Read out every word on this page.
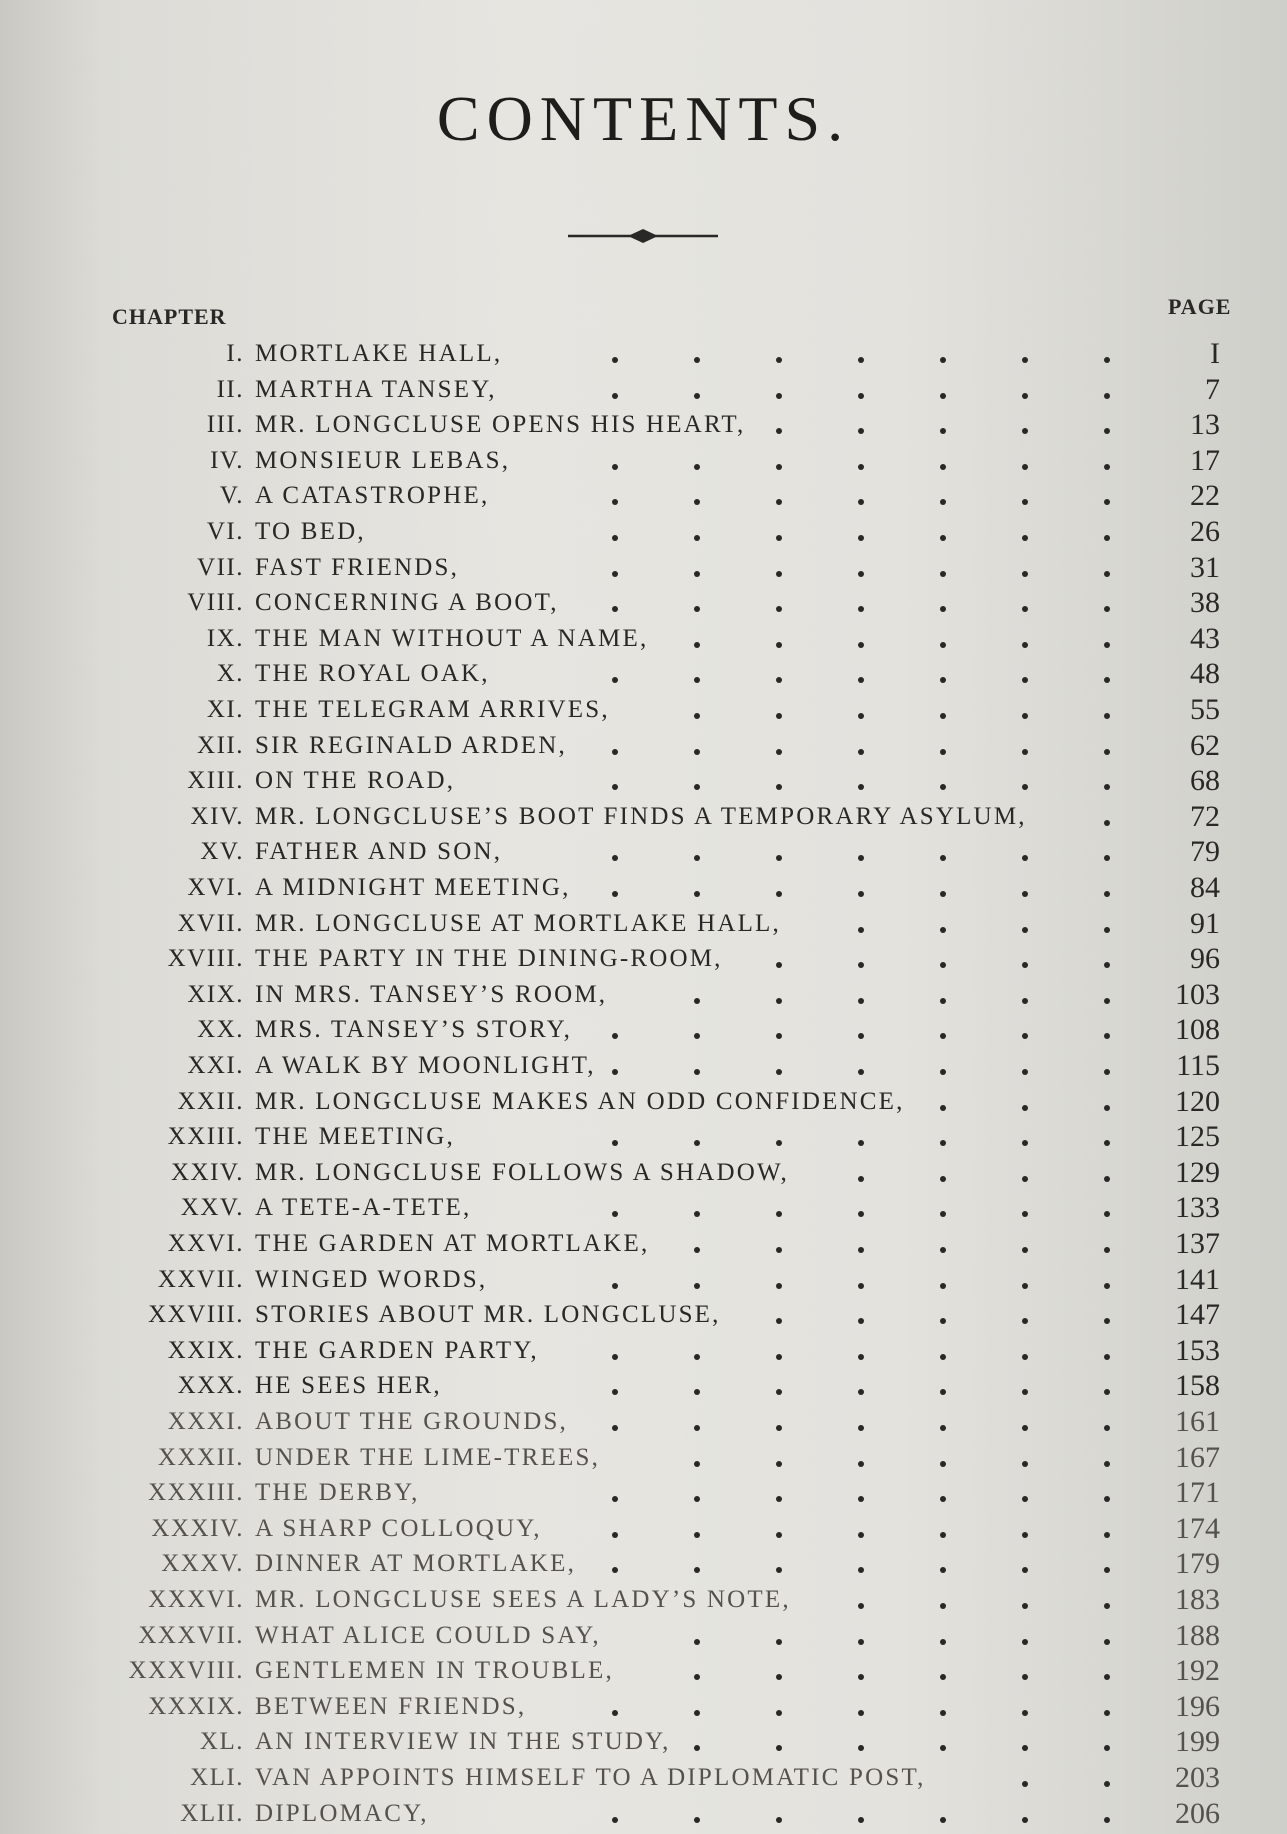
CONTENTS.
CHAPTER	PAGE
I. MORTLAKE HALL,	I
II. MARTHA TANSEY,	7
III. MR. LONGCLUSE OPENS HIS HEART,	13
IV. MONSIEUR LEBAS,	17
V. A CATASTROPHE,	22
VI. TO BED,	26
VII. FAST FRIENDS,	31
VIII. CONCERNING A BOOT,	38
IX. THE MAN WITHOUT A NAME,	43
X. THE ROYAL OAK,	48
XI. THE TELEGRAM ARRIVES,	55
XII. SIR REGINALD ARDEN,	62
XIII. ON THE ROAD,	68
XIV. MR. LONGCLUSE’S BOOT FINDS A TEMPORARY ASYLUM,	72
XV. FATHER AND SON,	79
XVI. A MIDNIGHT MEETING,	84
XVII. MR. LONGCLUSE AT MORTLAKE HALL,	91
XVIII. THE PARTY IN THE DINING-ROOM,	96
XIX. IN MRS. TANSEY’S ROOM,	103
XX. MRS. TANSEY’S STORY,	108
XXI. A WALK BY MOONLIGHT,	115
XXII. MR. LONGCLUSE MAKES AN ODD CONFIDENCE,	120
XXIII. THE MEETING,	125
XXIV. MR. LONGCLUSE FOLLOWS A SHADOW,	129
XXV. A TETE-A-TETE,	133
XXVI. THE GARDEN AT MORTLAKE,	137
XXVII. WINGED WORDS,	141
XXVIII. STORIES ABOUT MR. LONGCLUSE,	147
XXIX. THE GARDEN PARTY,	153
XXX. HE SEES HER,	158
XXXI. ABOUT THE GROUNDS,	161
XXXII. UNDER THE LIME-TREES,	167
XXXIII. THE DERBY,	171
XXXIV. A SHARP COLLOQUY,	174
XXXV. DINNER AT MORTLAKE,	179
XXXVI. MR. LONGCLUSE SEES A LADY’S NOTE,	183
XXXVII. WHAT ALICE COULD SAY,	188
XXXVIII. GENTLEMEN IN TROUBLE,	192
XXXIX. BETWEEN FRIENDS,	196
XL. AN INTERVIEW IN THE STUDY,	199
XLI. VAN APPOINTS HIMSELF TO A DIPLOMATIC POST,	203
XLII. DIPLOMACY,	206
